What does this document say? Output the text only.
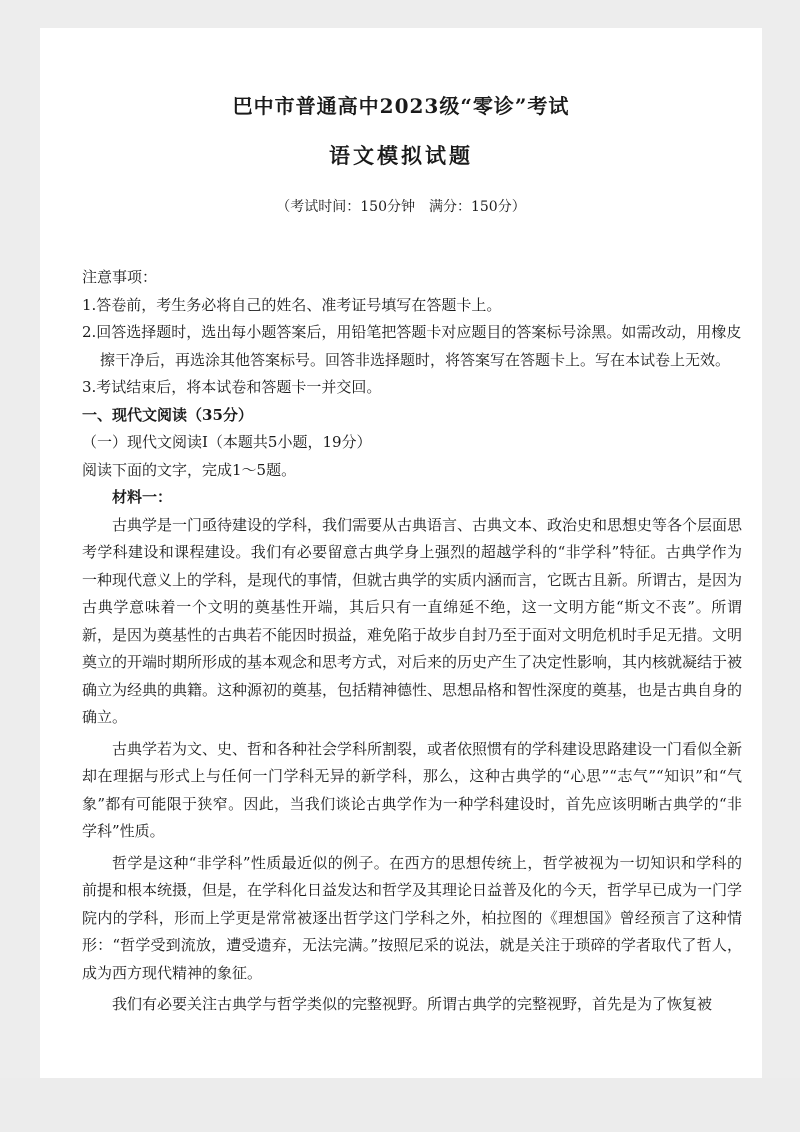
巴中市普通高中2023级“零诊”考试
语文模拟试题
（考试时间：150分钟　满分：150分）

注意事项：

1.答卷前，考生务必将自己的姓名、准考证号填写在答题卡上。

2.回答选择题时，选出每小题答案后，用铅笔把答题卡对应题目的答案标号涂黑。如需改动，用橡皮擦干净后，再选涂其他答案标号。回答非选择题时，将答案写在答题卡上。写在本试卷上无效。

3.考试结束后，将本试卷和答题卡一并交回。

一、现代文阅读（35分）

（一）现代文阅读Ⅰ（本题共5小题，19分）

阅读下面的文字，完成1～5题。

材料一：

古典学是一门亟待建设的学科，我们需要从古典语言、古典文本、政治史和思想史等各个层面思考学科建设和课程建设。我们有必要留意古典学身上强烈的超越学科的“非学科”特征。古典学作为一种现代意义上的学科，是现代的事情，但就古典学的实质内涵而言，它既古且新。所谓古，是因为古典学意味着一个文明的奠基性开端，其后只有一直绵延不绝，这一文明方能“斯文不丧”。所谓新，是因为奠基性的古典若不能因时损益，难免陷于故步自封乃至于面对文明危机时手足无措。文明奠立的开端时期所形成的基本观念和思考方式，对后来的历史产生了决定性影响，其内核就凝结于被确立为经典的典籍。这种源初的奠基，包括精神德性、思想品格和智性深度的奠基，也是古典自身的确立。

古典学若为文、史、哲和各种社会学科所割裂，或者依照惯有的学科建设思路建设一门看似全新却在理据与形式上与任何一门学科无异的新学科，那么，这种古典学的“心思”“志气”“知识”和“气象”都有可能限于狭窄。因此，当我们谈论古典学作为一种学科建设时，首先应该明晰古典学的“非学科”性质。

哲学是这种“非学科”性质最近似的例子。在西方的思想传统上，哲学被视为一切知识和学科的前提和根本统摄，但是，在学科化日益发达和哲学及其理论日益普及化的今天，哲学早已成为一门学院内的学科，形而上学更是常常被逐出哲学这门学科之外，柏拉图的《理想国》曾经预言了这种情形：“哲学受到流放，遭受遗弃，无法完满。”按照尼采的说法，就是关注于琐碎的学者取代了哲人，成为西方现代精神的象征。

我们有必要关注古典学与哲学类似的完整视野。所谓古典学的完整视野，首先是为了恢复被
